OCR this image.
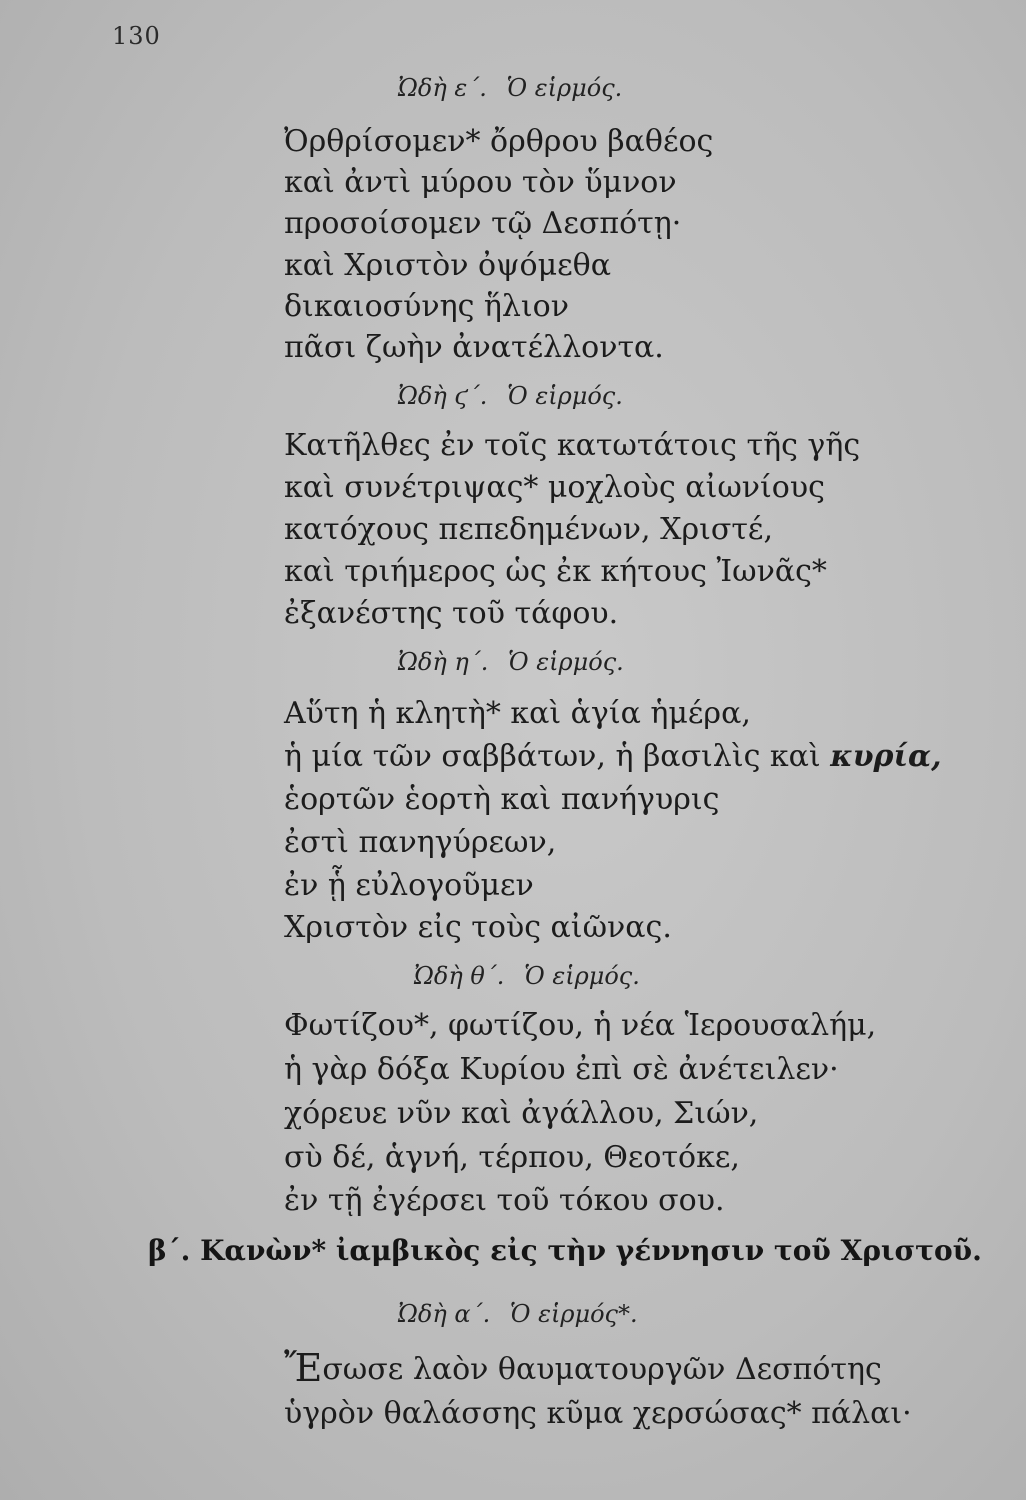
130
Ὠδὴ ε΄. Ὁ εἱρμός.
Ὀρθρίσομεν* ὄρθρου βαθέος
καὶ ἀντὶ μύρου τὸν ὕμνον
προσοίσομεν τῷ Δεσπότῃ·
καὶ Χριστὸν ὀψόμεθα
δικαιοσύνης ἥλιον
πᾶσι ζωὴν ἀνατέλλοντα.
Ὠδὴ ϛ΄. Ὁ εἱρμός.
Κατῆλθες ἐν τοῖς κατωτάτοις τῆς γῆς
καὶ συνέτριψας* μοχλοὺς αἰωνίους
κατόχους πεπεδημένων, Χριστέ,
καὶ τριήμερος ὡς ἐκ κήτους Ἰωνᾶς*
ἐξανέστης τοῦ τάφου.
Ὠδὴ η΄. Ὁ εἱρμός.
Αὕτη ἡ κλητὴ* καὶ ἁγία ἡμέρα,
ἡ μία τῶν σαββάτων, ἡ βασιλὶς καὶ κυρία,
ἑορτῶν ἑορτὴ καὶ πανήγυρις
ἐστὶ πανηγύρεων,
ἐν ᾗ εὐλογοῦμεν
Χριστὸν εἰς τοὺς αἰῶνας.
Ὠδὴ θ΄. Ὁ εἱρμός.
Φωτίζου*, φωτίζου, ἡ νέα Ἱερουσαλήμ,
ἡ γὰρ δόξα Κυρίου ἐπὶ σὲ ἀνέτειλεν·
χόρευε νῦν καὶ ἀγάλλου, Σιών,
σὺ δέ, ἁγνή, τέρπου, Θεοτόκε,
ἐν τῇ ἐγέρσει τοῦ τόκου σου.
β΄. Κανὼν* ἰαμβικὸς εἰς τὴν γέννησιν τοῦ Χριστοῦ.
Ὠδὴ α΄. Ὁ εἱρμός*.
Ἔσωσε λαὸν θαυματουργῶν Δεσπότης
ὑγρὸν θαλάσσης κῦμα χερσώσας* πάλαι·
